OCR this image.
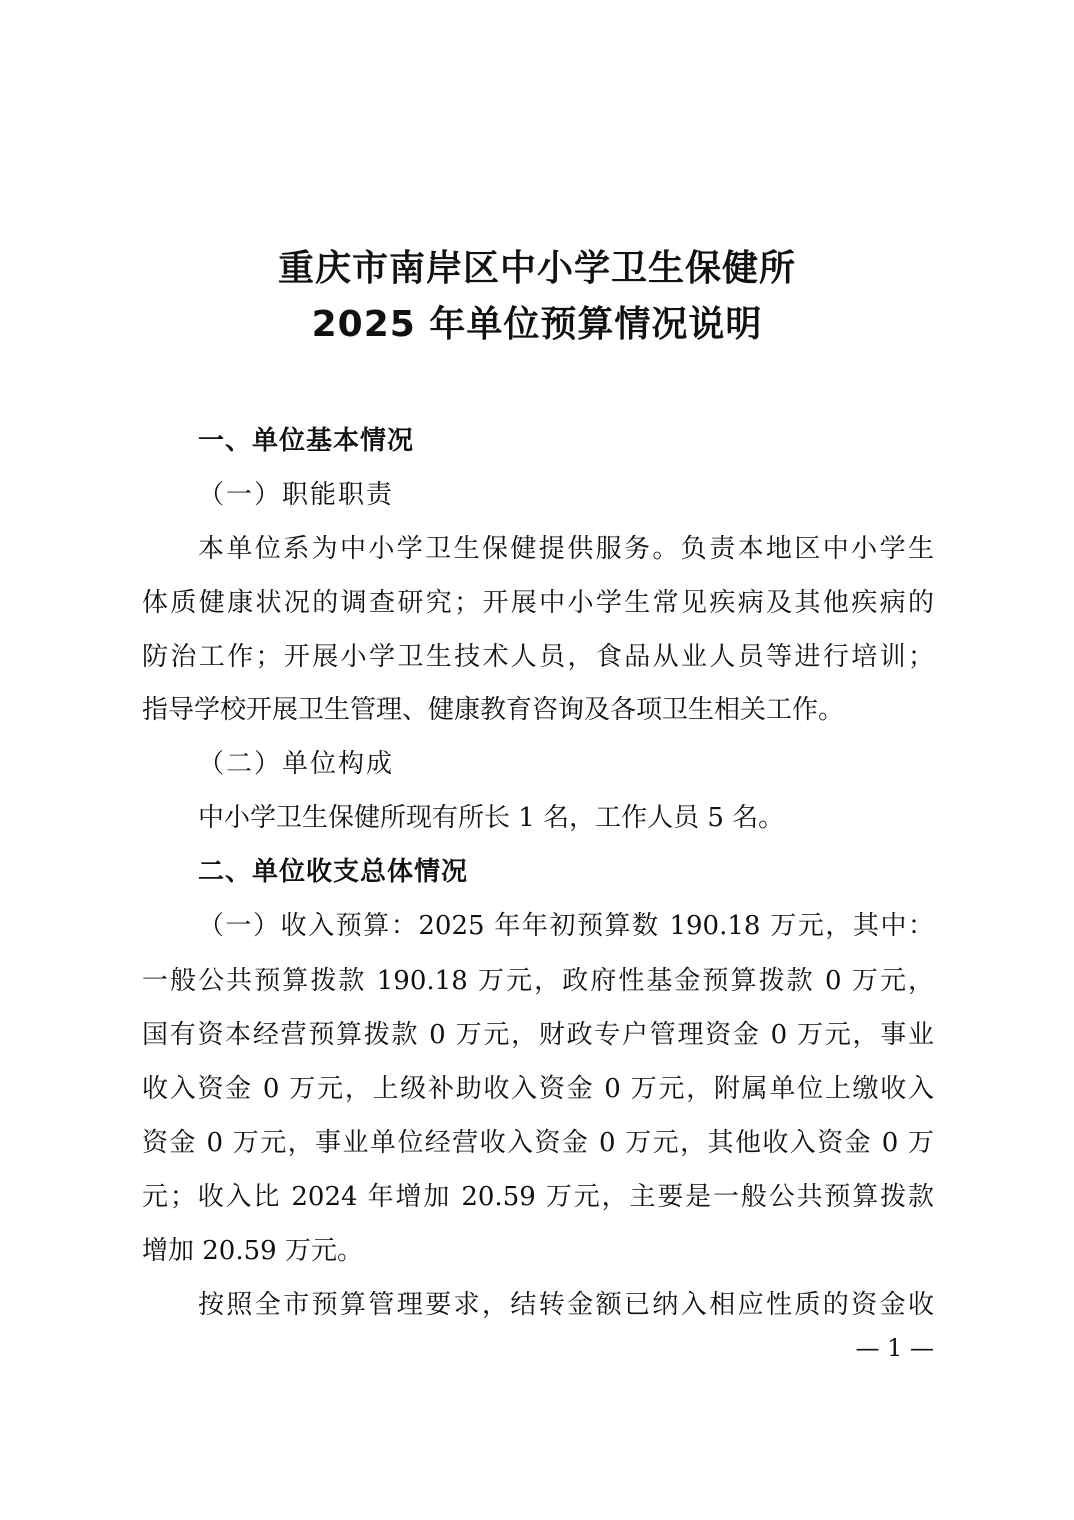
重庆市南岸区中小学卫生保健所
2025 年单位预算情况说明
一、单位基本情况
（一）职能职责
本单位系为中小学卫生保健提供服务。负责本地区中小学生
体质健康状况的调查研究；开展中小学生常见疾病及其他疾病的
防治工作；开展小学卫生技术人员，食品从业人员等进行培训；
指导学校开展卫生管理、健康教育咨询及各项卫生相关工作。
（二）单位构成
中小学卫生保健所现有所长 1 名，工作人员 5 名。
二、单位收支总体情况
（一）收入预算：2025 年年初预算数 190.18 万元，其中：
一般公共预算拨款 190.18 万元，政府性基金预算拨款 0 万元，
国有资本经营预算拨款 0 万元，财政专户管理资金 0 万元，事业
收入资金 0 万元，上级补助收入资金 0 万元，附属单位上缴收入
资金 0 万元，事业单位经营收入资金 0 万元，其他收入资金 0 万
元；收入比 2024 年增加 20.59 万元，主要是一般公共预算拨款
增加 20.59 万元。
按照全市预算管理要求，结转金额已纳入相应性质的资金收
— 1 —
